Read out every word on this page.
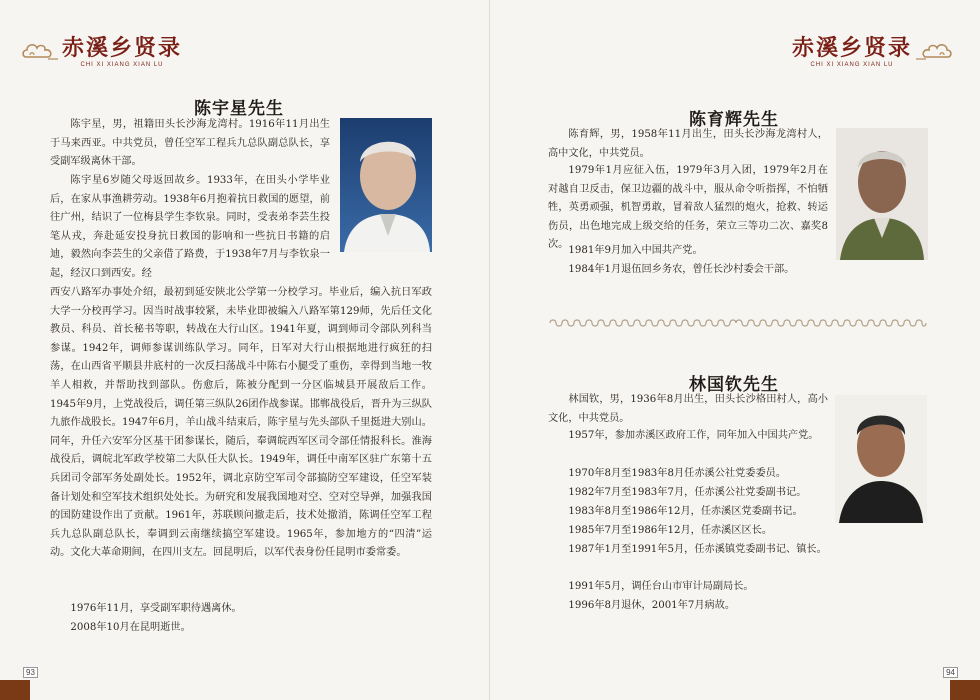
赤溪乡贤录
CHI XI XIANG XIAN LU
陈宇星先生

陈宇星，男，祖籍田头长沙海龙湾村。1916年11月出生于马来西亚。中共党员，曾任空军工程兵九总队副总队长，享受副军级离休干部。

陈宇星6岁随父母返回故乡。1933年，在田头小学毕业后，在家从事渔耕劳动。1938年6月抱着抗日救国的愿望，前往广州，结识了一位梅县学生李钦泉。同时，受表弟李芸生投笔从戎，奔赴延安投身抗日救国的影响和一些抗日书籍的启迪，毅然向李芸生的父亲借了路费，于1938年7月与李钦泉一起，经汉口到西安。经

西安八路军办事处介绍，最初到延安陕北公学第一分校学习。毕业后，编入抗日军政大学一分校再学习。因当时战事较紧，未毕业即被编入八路军第129师，先后任文化教员、科员、首长秘书等职，转战在大行山区。1941年夏，调到师司令部队列科当参谋。1942年，调师参谋训练队学习。同年，日军对大行山根据地进行疯狂的扫荡，在山西省平顺县井底村的一次反扫荡战斗中陈右小腿受了重伤，幸得到当地一牧羊人相救，并帮助找到部队。伤愈后，陈被分配到一分区临城县开展敌后工作。1945年9月，上党战役后，调任第三纵队26团作战参谋。邯郸战役后，晋升为三纵队九旅作战股长。1947年6月，羊山战斗结束后，陈宇星与先头部队千里挺进大别山。同年，升任六安军分区基干团参谋长，随后，奉调皖西军区司令部任情报科长。淮海战役后，调皖北军政学校第二大队任大队长。1949年，调任中南军区驻广东第十五兵团司令部军务处副处长。1952年，调北京防空军司令部搞防空军建设，任空军装备计划处和空军技术组织处处长。为研究和发展我国地对空、空对空导弹，加强我国的国防建设作出了贡献。1961年，苏联顾问撤走后，技术处撤消，陈调任空军工程兵九总队副总队长，奉调到云南继续搞空军建设。1965年，参加地方的“四清”运动。文化大革命期间，在四川支左。回昆明后，以军代表身份任昆明市委常委。

1976年11月，享受副军职待遇离休。

2008年10月在昆明逝世。

93
赤溪乡贤录
CHI XI XIANG XIAN LU
陈育辉先生

陈育辉，男，1958年11月出生，田头长沙海龙湾村人，高中文化，中共党员。

1979年1月应征入伍，1979年3月入团，1979年2月在对越自卫反击，保卫边疆的战斗中，服从命令听指挥，不怕牺牲，英勇顽强，机智勇敢，冒着敌人猛烈的炮火，抢救、转运伤员，出色地完成上级交给的任务，荣立三等功二次、嘉奖8次。

1981年9月加入中国共产党。

1984年1月退伍回乡务农，曾任长沙村委会干部。

林国钦先生

林国钦，男，1936年8月出生，田头长沙格田村人，高小文化，中共党员。

1957年，参加赤溪区政府工作，同年加入中国共产党。

1970年8月至1983年8月任赤溪公社党委委员。

1982年7月至1983年7月，任赤溪公社党委副书记。

1983年8月至1986年12月，任赤溪区党委副书记。

1985年7月至1986年12月，任赤溪区区长。

1987年1月至1991年5月，任赤溪镇党委副书记、镇长。

1991年5月，调任台山市审计局副局长。

1996年8月退休，2001年7月病故。

94
